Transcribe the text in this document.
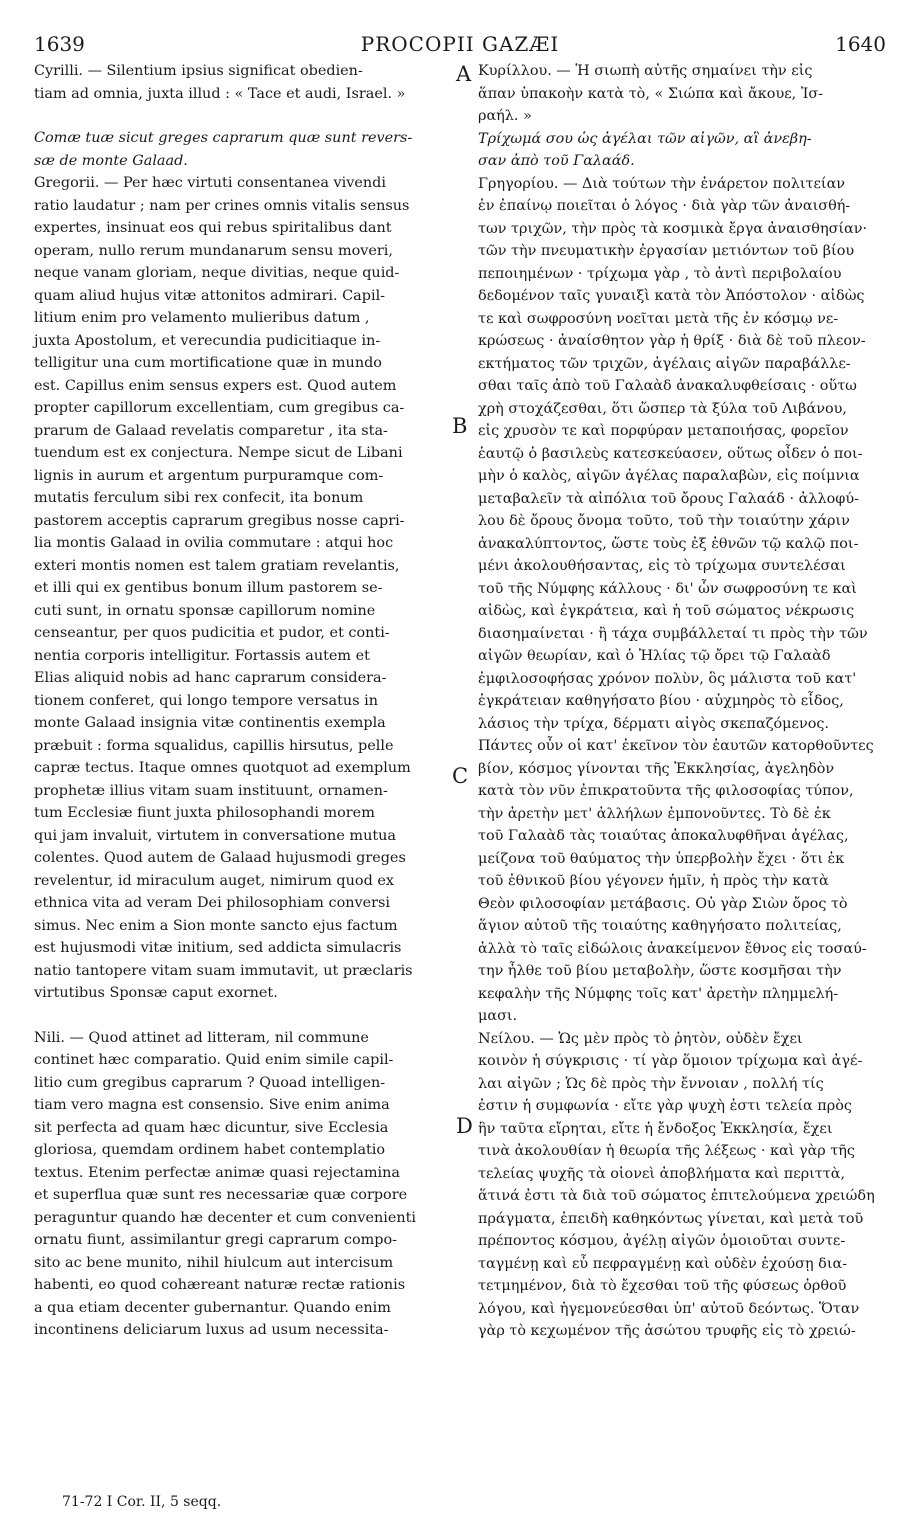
1639	PROCOPII GAZÆI	1640

Cyrilli. — Silentium ipsius significat obedien-

tiam ad omnia, juxta illud : « Tace et audi, Israel. »

Comæ tuæ sicut greges caprarum quæ sunt revers-

sæ de monte Galaad.

Gregorii. — Per hæc virtuti consentanea vivendi

ratio laudatur ; nam per crines omnis vitalis sensus

expertes, insinuat eos qui rebus spiritalibus dant

operam, nullo rerum mundanarum sensu moveri,

neque vanam gloriam, neque divitias, neque quid-

quam aliud hujus vitæ attonitos admirari. Capil-

litium enim pro velamento mulieribus datum ,

juxta Apostolum, et verecundia pudicitiaque in-

telligitur una cum mortificatione quæ in mundo

est. Capillus enim sensus expers est. Quod autem

propter capillorum excellentiam, cum gregibus ca-

prarum de Galaad revelatis comparetur , ita sta-

tuendum est ex conjectura. Nempe sicut de Libani

lignis in aurum et argentum purpuramque com-

mutatis ferculum sibi rex confecit, ita bonum

pastorem acceptis caprarum gregibus nosse capri-

lia montis Galaad in ovilia commutare : atqui hoc

exteri montis nomen est talem gratiam revelantis,

et illi qui ex gentibus bonum illum pastorem se-

cuti sunt, in ornatu sponsæ capillorum nomine

censeantur, per quos pudicitia et pudor, et conti-

nentia corporis intelligitur. Fortassis autem et

Elias aliquid nobis ad hanc caprarum considera-

tionem conferet, qui longo tempore versatus in

monte Galaad insignia vitæ continentis exempla

præbuit : forma squalidus, capillis hirsutus, pelle

capræ tectus. Itaque omnes quotquot ad exemplum

prophetæ illius vitam suam instituunt, ornamen-

tum Ecclesiæ fiunt juxta philosophandi morem

qui jam invaluit, virtutem in conversatione mutua

colentes. Quod autem de Galaad hujusmodi greges

revelentur, id miraculum auget, nimirum quod ex

ethnica vita ad veram Dei philosophiam conversi

simus. Nec enim a Sion monte sancto ejus factum

est hujusmodi vitæ initium, sed addicta simulacris

natio tantopere vitam suam immutavit, ut præclaris

virtutibus Sponsæ caput exornet.

Nili. — Quod attinet ad litteram, nil commune

continet hæc comparatio. Quid enim simile capil-

litio cum gregibus caprarum ? Quoad intelligen-

tiam vero magna est consensio. Sive enim anima

sit perfecta ad quam hæc dicuntur, sive Ecclesia

gloriosa, quemdam ordinem habet contemplatio

textus. Etenim perfectæ animæ quasi rejectamina

et superflua quæ sunt res necessariæ quæ corpore

peraguntur quando hæ decenter et cum convenienti

ornatu fiunt, assimilantur gregi caprarum compo-

sito ac bene munito, nihil hiulcum aut intercisum

habenti, eo quod cohæreant naturæ rectæ rationis

a qua etiam decenter gubernantur. Quando enim

incontinens deliciarum luxus ad usum necessita-

A
B
C
D

Κυρίλλου. — Ἡ σιωπὴ αὐτῆς σημαίνει τὴν εἰς

ἅπαν ὑπακοὴν κατὰ τὸ, « Σιώπα καὶ ἄκουε, Ἰσ-

ραήλ. »

Τρίχωμά σου ὡς ἀγέλαι τῶν αἰγῶν, αἳ ἀνεβη-

σαν ἀπὸ τοῦ Γαλαάδ.

Γρηγορίου. — Διὰ τούτων τὴν ἐνάρετον πολιτείαν

ἐν ἐπαίνῳ ποιεῖται ὁ λόγος · διὰ γὰρ τῶν ἀναισθή-

των τριχῶν, τὴν πρὸς τὰ κοσμικὰ ἔργα ἀναισθησίαν·

τῶν τὴν πνευματικὴν ἐργασίαν μετιόντων τοῦ βίου

πεποιημένων · τρίχωμα γὰρ , τὸ ἀντὶ περιβολαίου

δεδομένον ταῖς γυναιξὶ κατὰ τὸν Ἀπόστολον · αἰδὼς

τε καὶ σωφροσύνη νοεῖται μετὰ τῆς ἐν κόσμῳ νε-

κρώσεως · ἀναίσθητον γὰρ ἡ θρίξ · διὰ δὲ τοῦ πλεον-

εκτήματος τῶν τριχῶν, ἀγέλαις αἰγῶν παραβάλλε-

σθαι ταῖς ἀπὸ τοῦ Γαλαὰδ ἀνακαλυφθείσαις · οὕτω

χρὴ στοχάζεσθαι, ὅτι ὥσπερ τὰ ξύλα τοῦ Λιβάνου,

εἰς χρυσὸν τε καὶ πορφύραν μεταποιήσας, φορεῖον

ἑαυτῷ ὁ βασιλεὺς κατεσκεύασεν, οὕτως οἶδεν ὁ ποι-

μὴν ὁ καλὸς, αἰγῶν ἀγέλας παραλαβὼν, εἰς ποίμνια

μεταβαλεῖν τὰ αἰπόλια τοῦ ὄρους Γαλαάδ · ἀλλοφύ-

λου δὲ ὄρους ὄνομα τοῦτο, τοῦ τὴν τοιαύτην χάριν

ἀνακαλύπτοντος, ὥστε τοὺς ἐξ ἐθνῶν τῷ καλῷ ποι-

μένι ἀκολουθήσαντας, εἰς τὸ τρίχωμα συντελέσαι

τοῦ τῆς Νύμφης κάλλους · δι' ὧν σωφροσύνη τε καὶ

αἰδὼς, καὶ ἐγκράτεια, καὶ ἡ τοῦ σώματος νέκρωσις

διασημαίνεται · ἢ τάχα συμβάλλεταί τι πρὸς τὴν τῶν

αἰγῶν θεωρίαν, καὶ ὁ Ἠλίας τῷ ὄρει τῷ Γαλαὰδ

ἐμφιλοσοφήσας χρόνον πολὺν, ὃς μάλιστα τοῦ κατ'

ἐγκράτειαν καθηγήσατο βίου · αὐχμηρὸς τὸ εἶδος,

λάσιος τὴν τρίχα, δέρματι αἰγὸς σκεπαζόμενος.

Πάντες οὖν οἱ κατ' ἐκεῖνον τὸν ἑαυτῶν κατορθοῦντες

βίον, κόσμος γίνονται τῆς Ἐκκλησίας, ἀγεληδὸν

κατὰ τὸν νῦν ἐπικρατοῦντα τῆς φιλοσοφίας τύπον,

τὴν ἀρετὴν μετ' ἀλλήλων ἐμπονοῦντες. Τὸ δὲ ἐκ

τοῦ Γαλαὰδ τὰς τοιαύτας ἀποκαλυφθῆναι ἀγέλας,

μείζονα τοῦ θαύματος τὴν ὑπερβολὴν ἔχει · ὅτι ἐκ

τοῦ ἐθνικοῦ βίου γέγονεν ἡμῖν, ἡ πρὸς τὴν κατὰ

Θεὸν φιλοσοφίαν μετάβασις. Οὐ γὰρ Σιὼν ὄρος τὸ

ἅγιον αὐτοῦ τῆς τοιαύτης καθηγήσατο πολιτείας,

ἀλλὰ τὸ ταῖς εἰδώλοις ἀνακείμενον ἔθνος εἰς τοσαύ-

την ἦλθε τοῦ βίου μεταβολὴν, ὥστε κοσμῆσαι τὴν

κεφαλὴν τῆς Νύμφης τοῖς κατ' ἀρετὴν πλημμελή-

μασι.

Νείλου. — Ὡς μὲν πρὸς τὸ ῥητὸν, οὐδὲν ἔχει

κοινὸν ἡ σύγκρισις · τί γὰρ ὅμοιον τρίχωμα καὶ ἀγέ-

λαι αἰγῶν ; Ὡς δὲ πρὸς τὴν ἔννοιαν , πολλή τίς

ἐστιν ἡ συμφωνία · εἴτε γὰρ ψυχὴ ἐστι τελεία πρὸς

ἣν ταῦτα εἴρηται, εἴτε ἡ ἔνδοξος Ἐκκλησία, ἔχει

τινὰ ἀκολουθίαν ἡ θεωρία τῆς λέξεως · καὶ γὰρ τῆς

τελείας ψυχῆς τὰ οἱονεὶ ἀποβλήματα καὶ περιττὰ,

ἅτινά ἐστι τὰ διὰ τοῦ σώματος ἐπιτελούμενα χρειώδη

πράγματα, ἐπειδὴ καθηκόντως γίνεται, καὶ μετὰ τοῦ

πρέποντος κόσμου, ἀγέλῃ αἰγῶν ὁμοιοῦται συντε-

ταγμένῃ καὶ εὖ πεφραγμένῃ καὶ οὐδὲν ἐχούσῃ δια-

τετμημένον, διὰ τὸ ἔχεσθαι τοῦ τῆς φύσεως ὀρθοῦ

λόγου, καὶ ἡγεμονεύεσθαι ὑπ' αὐτοῦ δεόντως. Ὅταν

γὰρ τὸ κεχωμένον τῆς ἀσώτου τρυφῆς εἰς τὸ χρειώ-

71-72 I Cor. II, 5 seqq.
